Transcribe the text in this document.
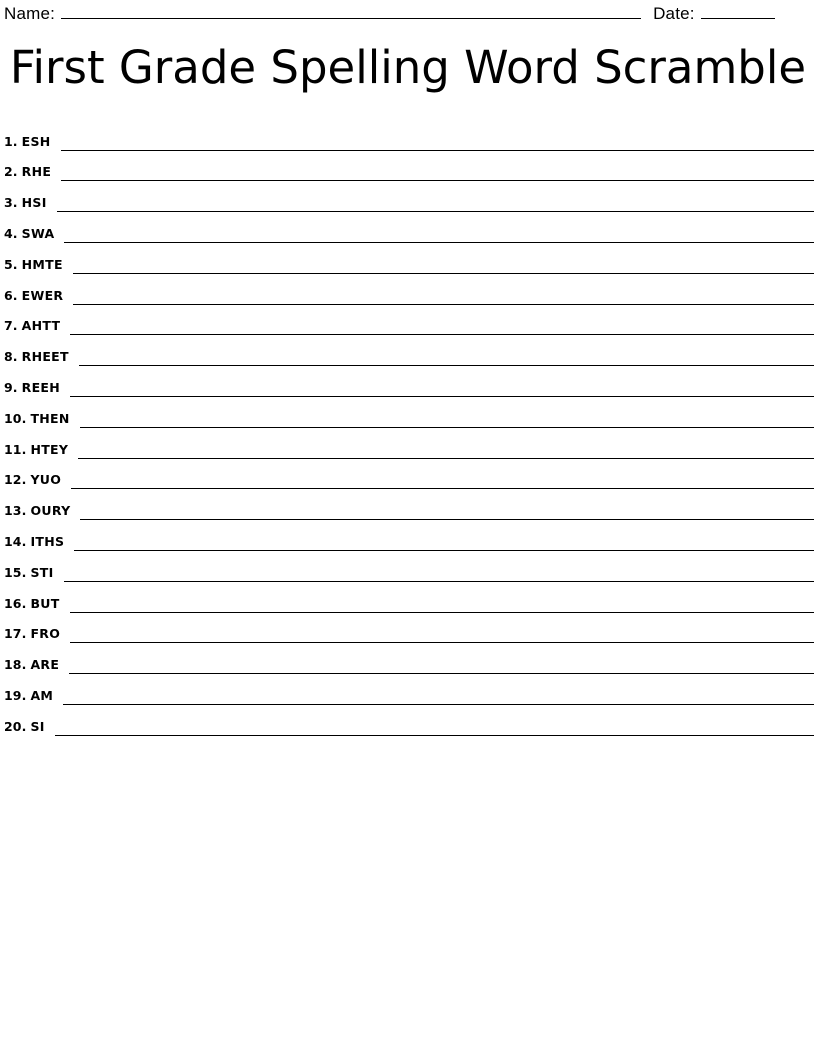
Name:	Date:
First Grade Spelling Word Scramble
1. ESH
2. RHE
3. HSI
4. SWA
5. HMTE
6. EWER
7. AHTT
8. RHEET
9. REEH
10. THEN
11. HTEY
12. YUO
13. OURY
14. ITHS
15. STI
16. BUT
17. FRO
18. ARE
19. AM
20. SI
